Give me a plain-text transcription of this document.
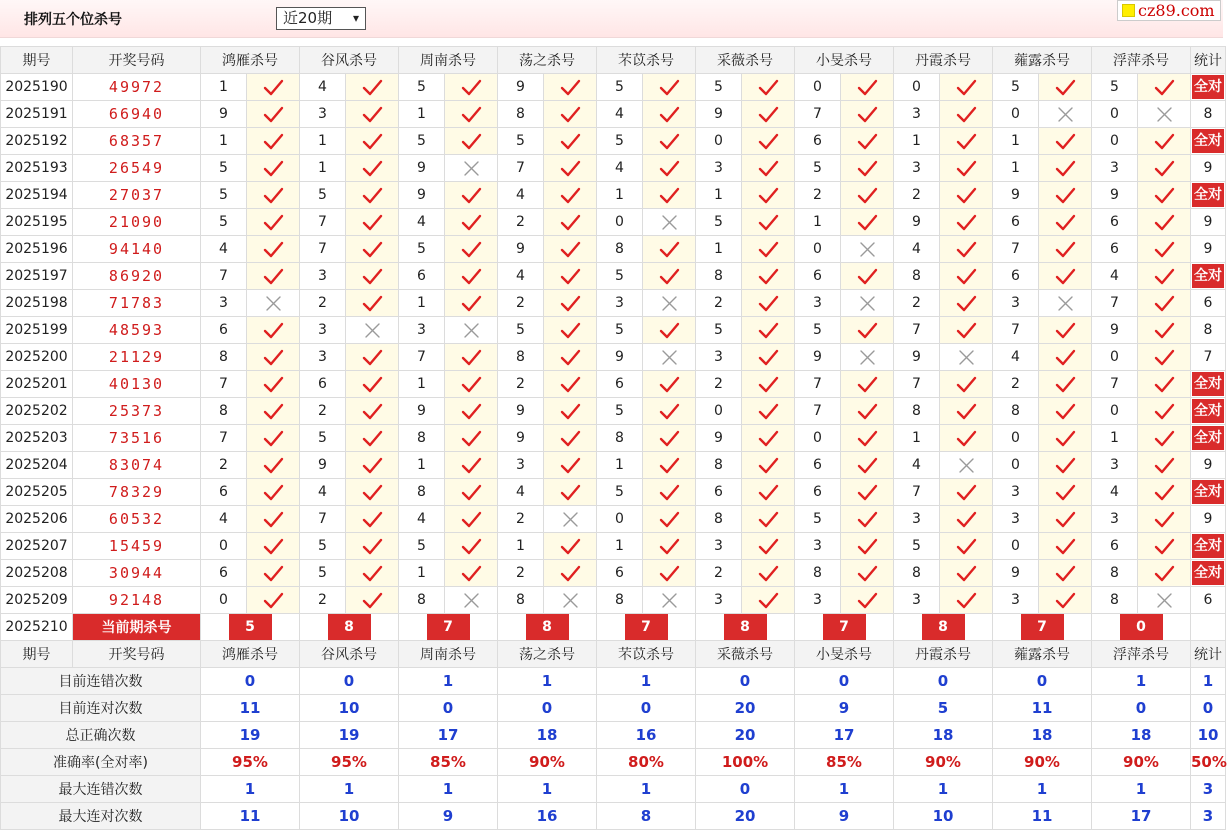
排列五个位杀号	近20期 ▾	cz89.com
期号	开奖号码	鸿雁杀号		谷风杀号		周南杀号		荡之杀号		芣苡杀号		采薇杀号		小旻杀号		丹霞杀号		蕹露杀号		浮萍杀号		统计
2025190	49972	1		4		5		9		5		5		0		0		5		5		全对

2025191	66940	9		3		1		8		4		9		7		3		0		0		8
2025192	68357	1		1		5		5		5		0		6		1		1		0		全对

2025193	26549	5		1		9		7		4		3		5		3		1		3		9
2025194	27037	5		5		9		4		1		1		2		2		9		9		全对

2025195	21090	5		7		4		2		0		5		1		9		6		6		9
2025196	94140	4		7		5		9		8		1		0		4		7		6		9
2025197	86920	7		3		6		4		5		8		6		8		6		4		全对

2025198	71783	3		2		1		2		3		2		3		2		3		7		6
2025199	48593	6		3		3		5		5		5		5		7		7		9		8
2025200	21129	8		3		7		8		9		3		9		9		4		0		7
2025201	40130	7		6		1		2		6		2		7		7		2		7		全对

2025202	25373	8		2		9		9		5		0		7		8		8		0		全对

2025203	73516	7		5		8		9		8		9		0		1		0		1		全对

2025204	83074	2		9		1		3		1		8		6		4		0		3		9
2025205	78329	6		4		8		4		5		6		6		7		3		4		全对

2025206	60532	4		7		4		2		0		8		5		3		3		3		9
2025207	15459	0		5		5		1		1		3		3		5		0		6		全对

2025208	30944	6		5		1		2		6		2		8		8		9		8		全对

2025209	92148	0		2		8		8		8		3		3		3		3		8		6
2025210	当前期杀号	5		8		7		8		7		8		7		8		7		0		
期号	开奖号码	鸿雁杀号		谷风杀号		周南杀号		荡之杀号		芣苡杀号		采薇杀号		小旻杀号		丹霞杀号		蕹露杀号		浮萍杀号		统计
目前连错次数		0		0		1		1		1		0		0		0		0		1		1
目前连对次数		11		10		0		0		0		20		9		5		11		0		0
总正确次数		19		19		17		18		16		20		17		18		18		18		10
准确率(全对率)		95%		95%		85%		90%		80%		100%		85%		90%		90%		90%		50%
最大连错次数		1		1		1		1		1		0		1		1		1		1		3
最大连对次数		11		10		9		16		8		20		9		10		11		17		3
